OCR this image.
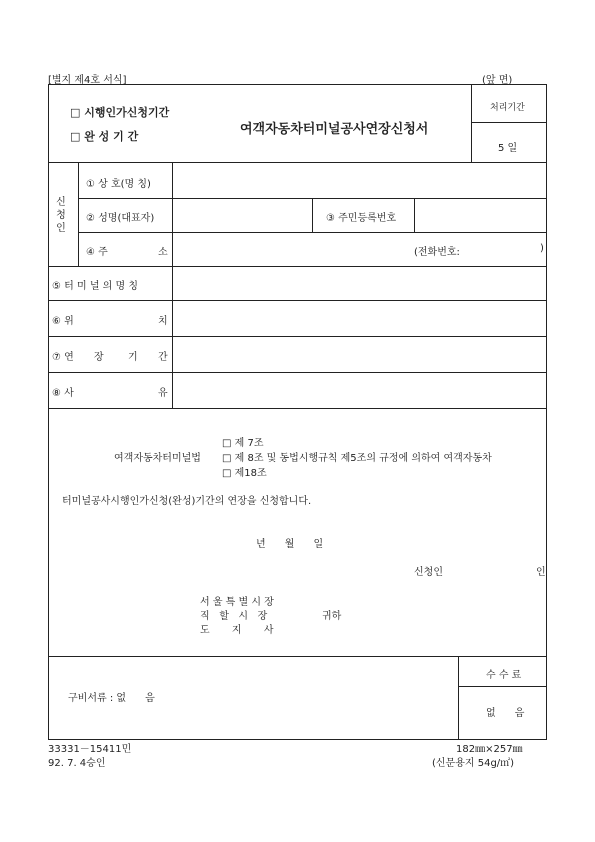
[별지 제4호 서식]	(앞 면)
□ 시행인가신청기간
□ 완 성 기 간	여객자동차터미널공사연장신청서
처리기간
5 일
신
청
인
① 상 호(명 칭)
② 성명(대표자)	③ 주민등록번호
④ 주	소	(전화번호:	)
⑤ 터 미 널 의 명 칭
⑥ 위	치
⑦ 연 장 기 간
⑧ 사	유
□ 제 7조
여객자동차터미널법 □ 제 8조 및 동법시행규칙 제5조의 규정에 의하여 여객자동차
□ 제18조
터미널공사시행인가신청(완성)기간의 연장을 신청합니다.
년      월      일
신청인	인
서 울 특 별 시 장
직   할   시   장	귀하
도       지       사
구비서류 : 없      음
수 수 료
없      음
33331－15411민
92. 7. 4승인
182㎜×257㎜
(신문용지 54g/㎡)
